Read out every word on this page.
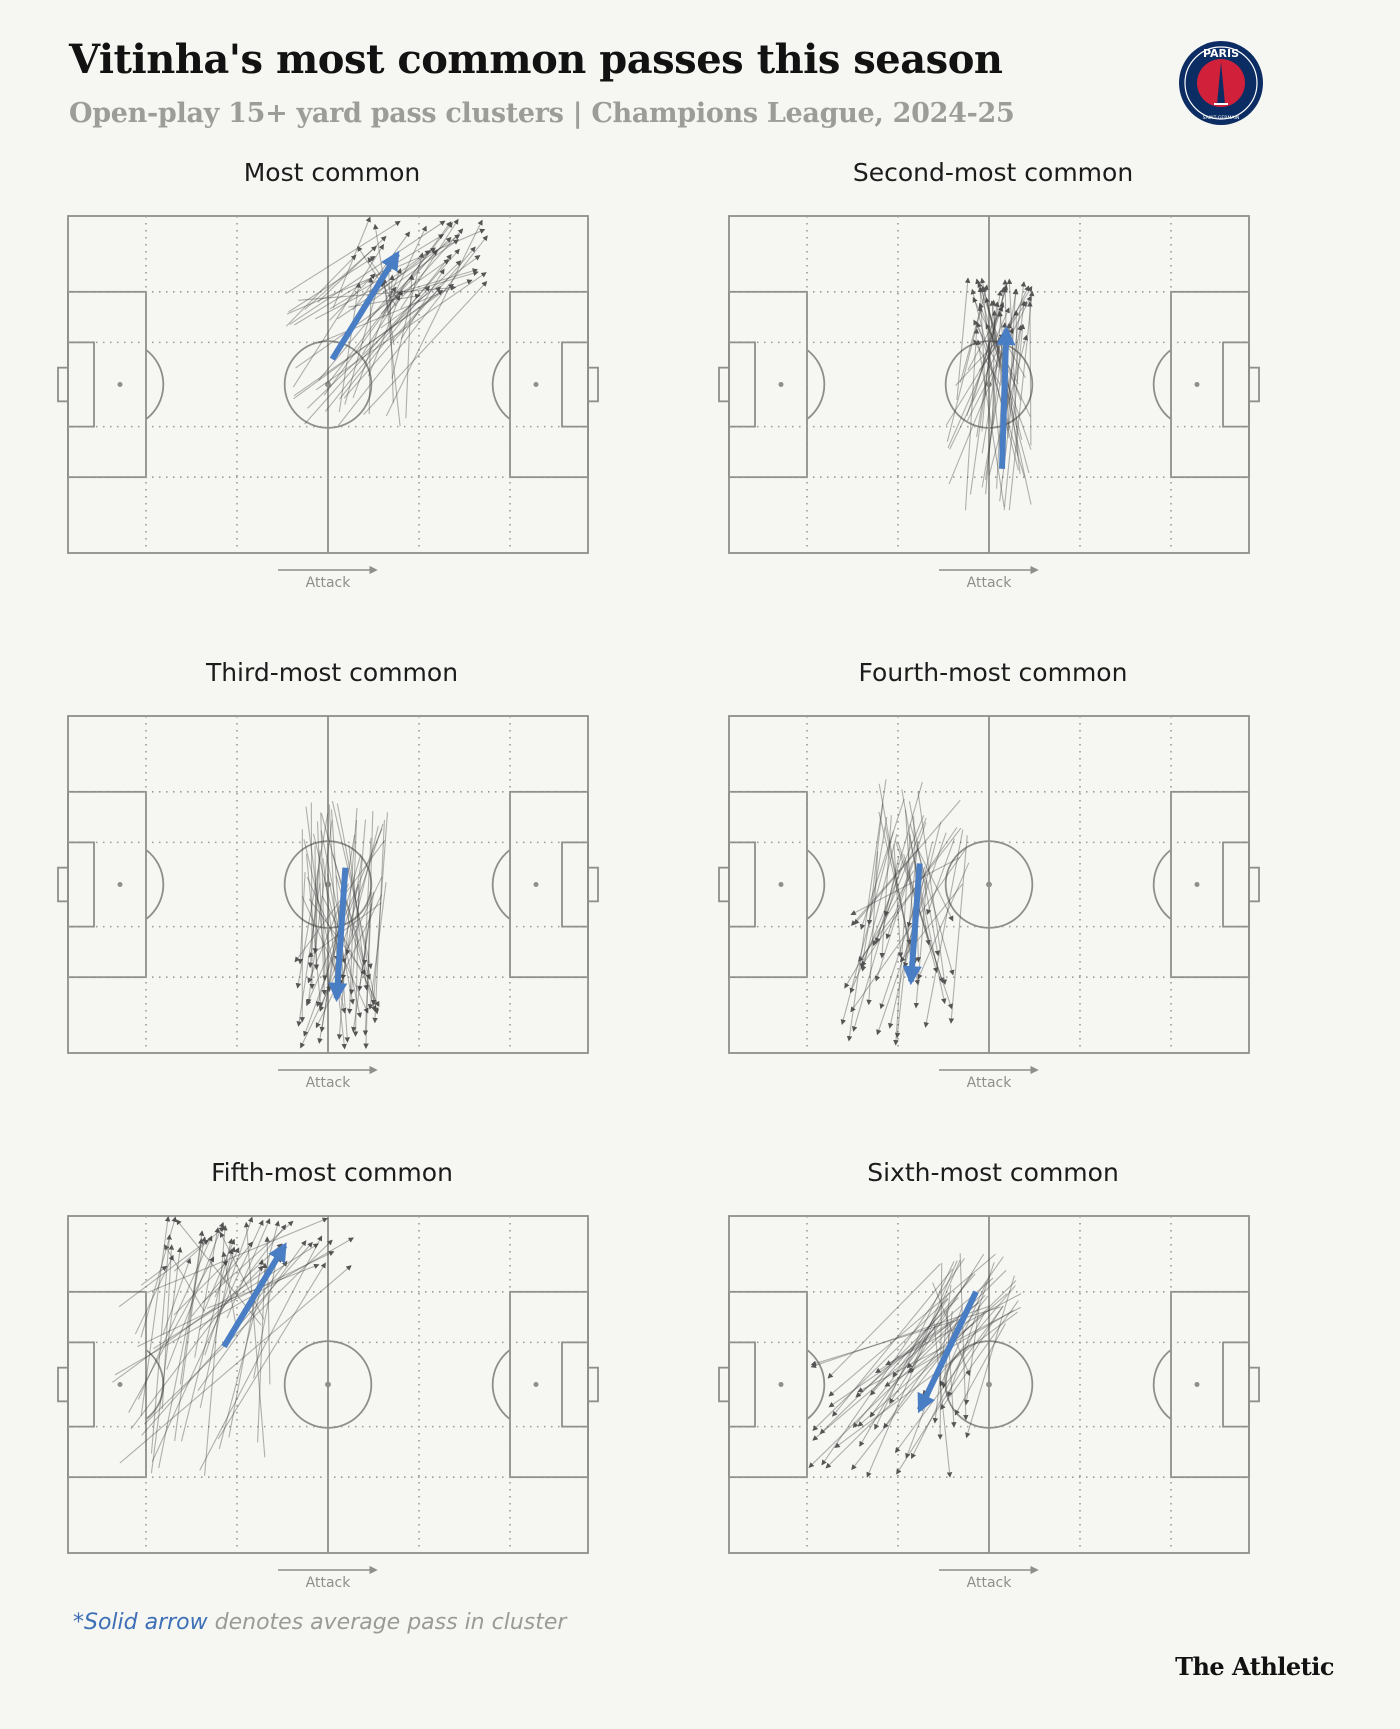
Vitinha's most common passes this season
Open-play 15+ yard pass clusters | Champions League, 2024-25
PARIS
SAINT-GERMAIN
Most common
Attack
Second-most common
Attack
Third-most common
Attack
Fourth-most common
Attack
Fifth-most common
Attack
Sixth-most common
Attack
*Solid arrow denotes average pass in cluster
The Athletic
